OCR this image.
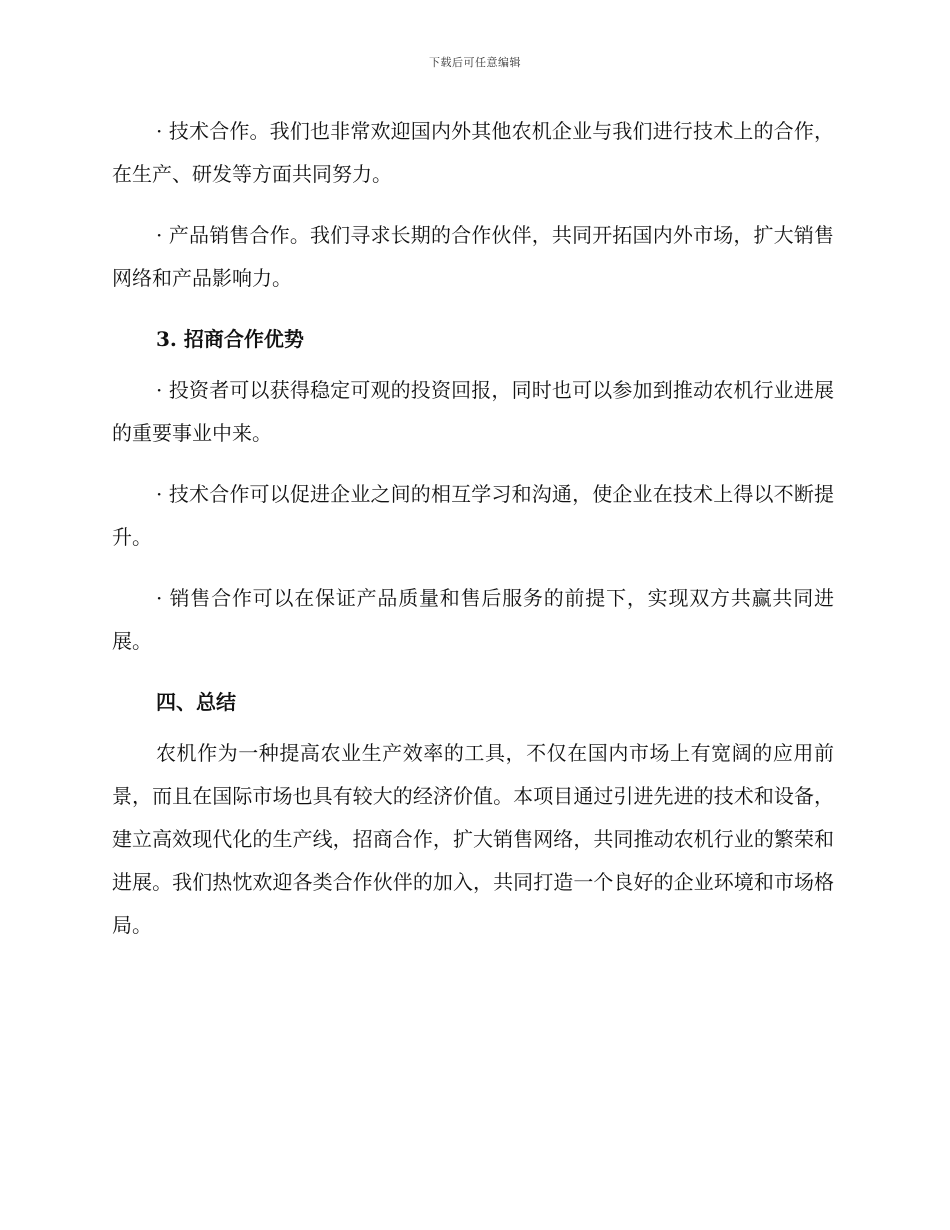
下载后可任意编辑

· 技术合作。我们也非常欢迎国内外其他农机企业与我们进行技术上的合作，在生产、研发等方面共同努力。

· 产品销售合作。我们寻求长期的合作伙伴，共同开拓国内外市场，扩大销售网络和产品影响力。

3. 招商合作优势

· 投资者可以获得稳定可观的投资回报，同时也可以参加到推动农机行业进展的重要事业中来。

· 技术合作可以促进企业之间的相互学习和沟通，使企业在技术上得以不断提升。

· 销售合作可以在保证产品质量和售后服务的前提下，实现双方共赢共同进展。

四、总结

农机作为一种提高农业生产效率的工具，不仅在国内市场上有宽阔的应用前景，而且在国际市场也具有较大的经济价值。本项目通过引进先进的技术和设备，建立高效现代化的生产线，招商合作，扩大销售网络，共同推动农机行业的繁荣和进展。我们热忱欢迎各类合作伙伴的加入，共同打造一个良好的企业环境和市场格局。
